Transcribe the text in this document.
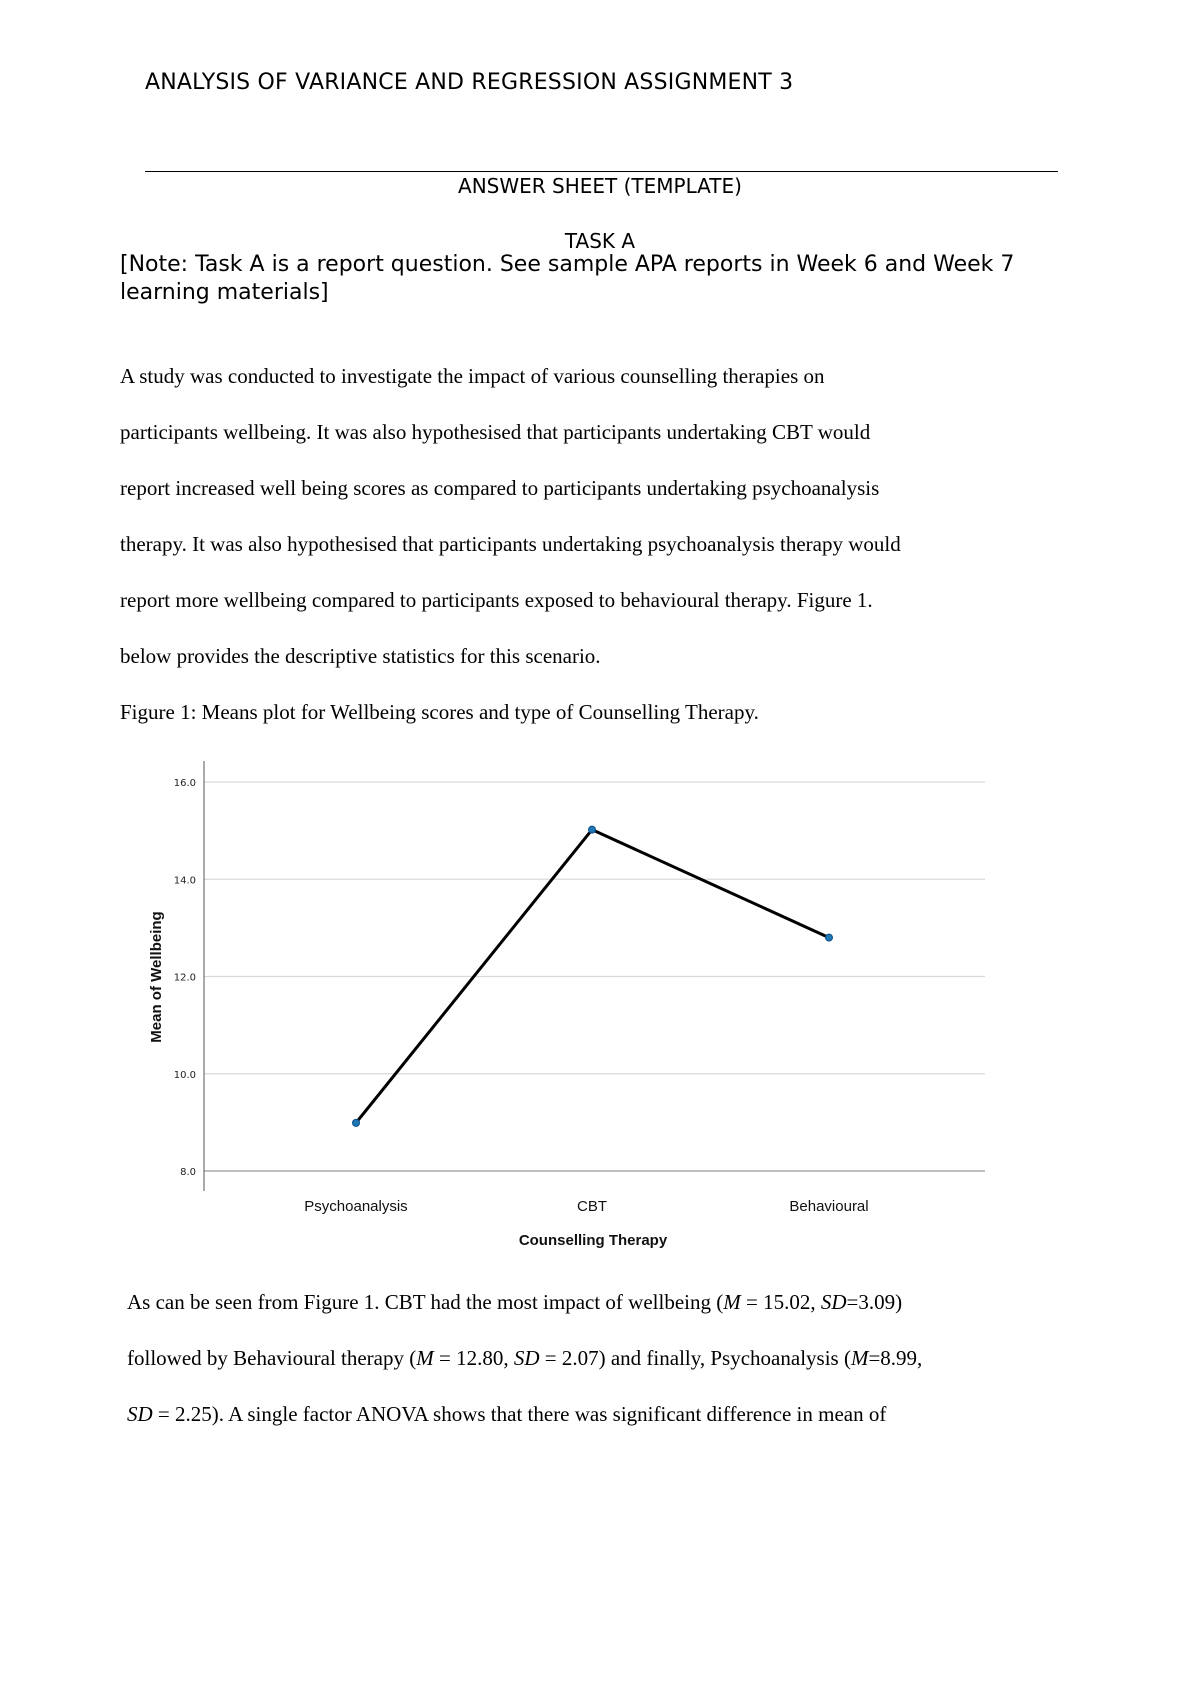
ANALYSIS OF VARIANCE AND REGRESSION ASSIGNMENT 3
ANSWER SHEET (TEMPLATE)
TASK A
[Note: Task A is a report question. See sample APA reports in Week 6 and Week 7 learning materials]
A study was conducted to investigate the impact of various counselling therapies on
participants wellbeing. It was also hypothesised that participants undertaking CBT would
report increased well being scores as compared to participants undertaking psychoanalysis
therapy. It was also hypothesised that participants undertaking psychoanalysis therapy would
report more wellbeing compared to participants exposed to behavioural therapy. Figure 1.
below provides the descriptive statistics for this scenario.
Figure 1: Means plot for Wellbeing scores and type of Counselling Therapy.
8.0
10.0
12.0
14.0
16.0
Psychoanalysis	CBT	Behavioural
Counselling Therapy
Mean of Wellbeing
As can be seen from Figure 1. CBT had the most impact of wellbeing (M = 15.02, SD=3.09)
followed by Behavioural therapy (M = 12.80, SD = 2.07) and finally, Psychoanalysis (M=8.99,
SD = 2.25). A single factor ANOVA shows that there was significant difference in mean of
